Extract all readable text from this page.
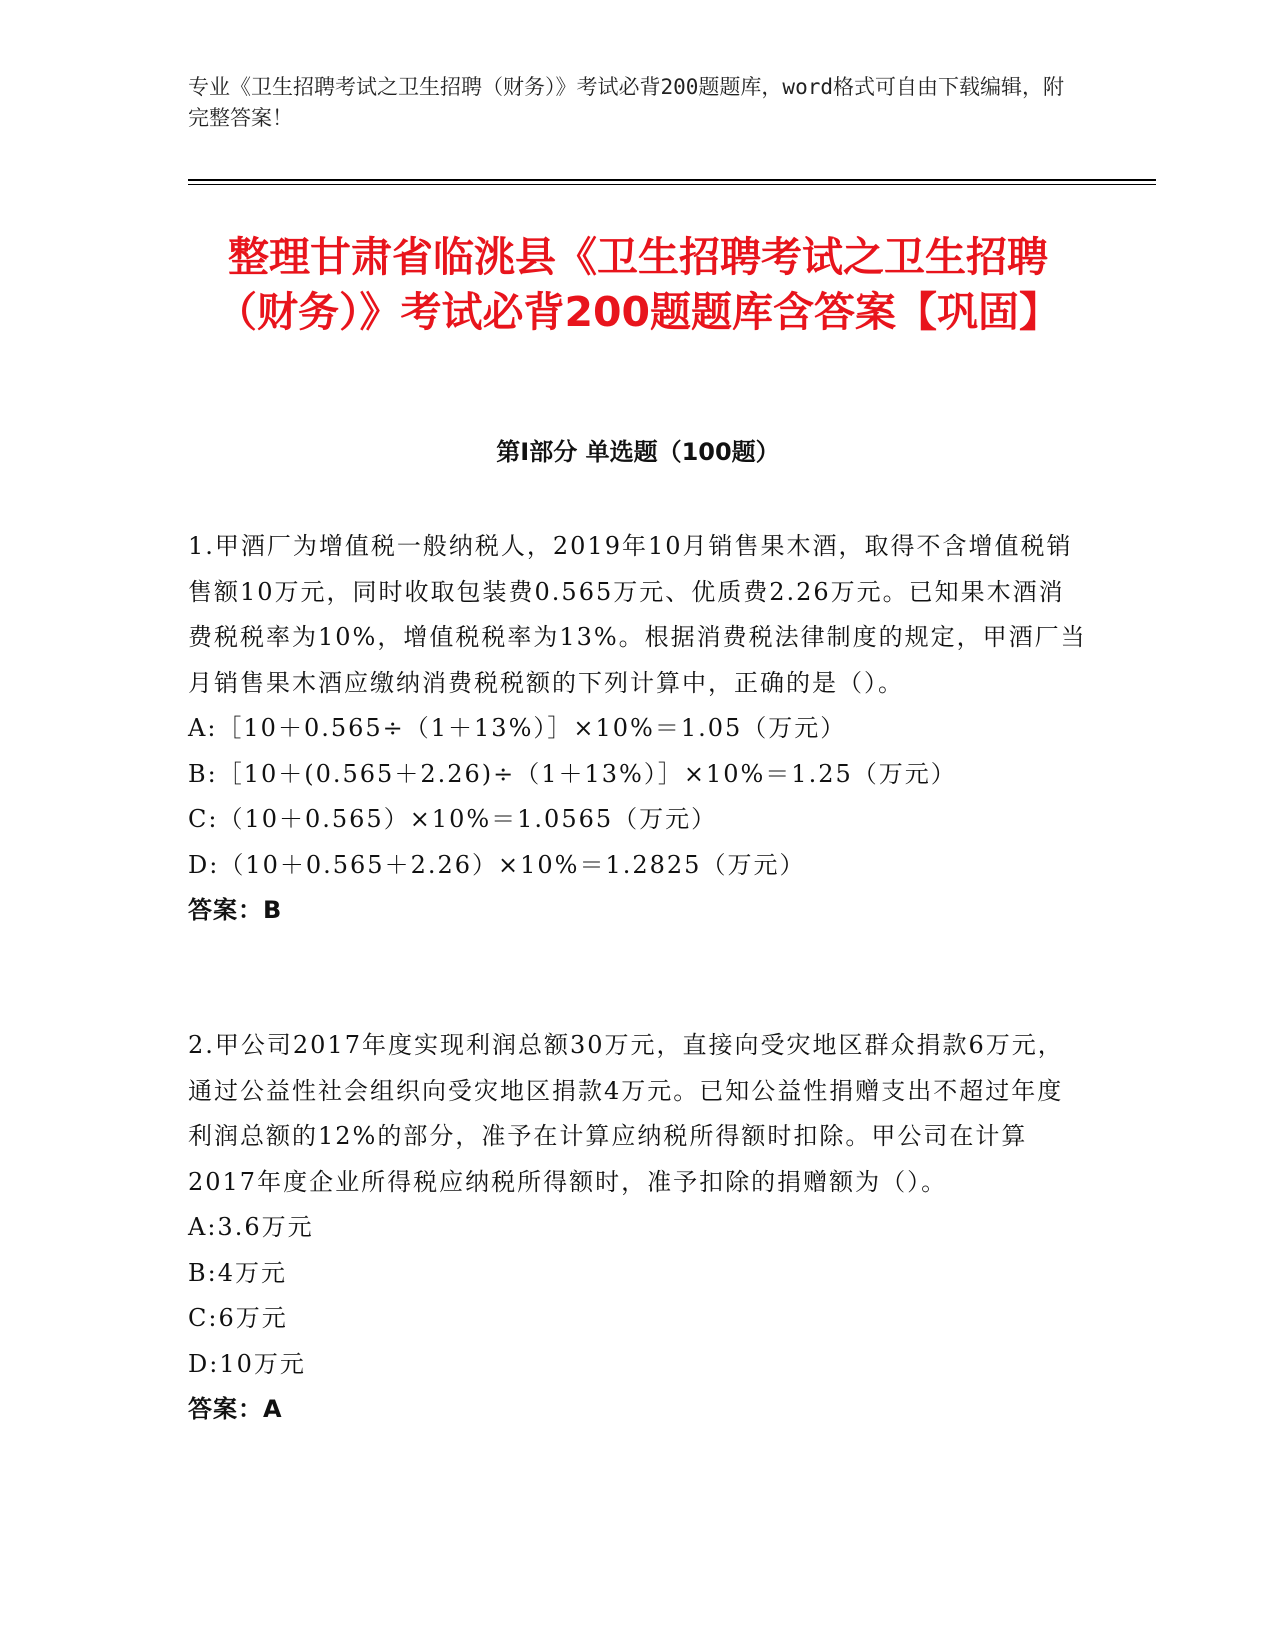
专业《卫生招聘考试之卫生招聘（财务）》考试必背200题题库，word格式可自由下载编辑，附完整答案！
整理甘肃省临洮县《卫生招聘考试之卫生招聘（财务）》考试必背200题题库含答案【巩固】
第I部分 单选题（100题）
1.甲酒厂为增值税一般纳税人，2019年10月销售果木酒，取得不含增值税销售额10万元，同时收取包装费0.565万元、优质费2.26万元。已知果木酒消费税税率为10%，增值税税率为13%。根据消费税法律制度的规定，甲酒厂当月销售果木酒应缴纳消费税税额的下列计算中，正确的是（）。
A:［10＋0.565÷（1＋13%）］×10%＝1.05（万元）
B:［10＋(0.565＋2.26)÷（1＋13%）］×10%＝1.25（万元）
C:（10＋0.565）×10%＝1.0565（万元）
D:（10＋0.565＋2.26）×10%＝1.2825（万元）
答案：B
2.甲公司2017年度实现利润总额30万元，直接向受灾地区群众捐款6万元，通过公益性社会组织向受灾地区捐款4万元。已知公益性捐赠支出不超过年度利润总额的12%的部分，准予在计算应纳税所得额时扣除。甲公司在计算2017年度企业所得税应纳税所得额时，准予扣除的捐赠额为（）。
A:3.6万元
B:4万元
C:6万元
D:10万元
答案：A
